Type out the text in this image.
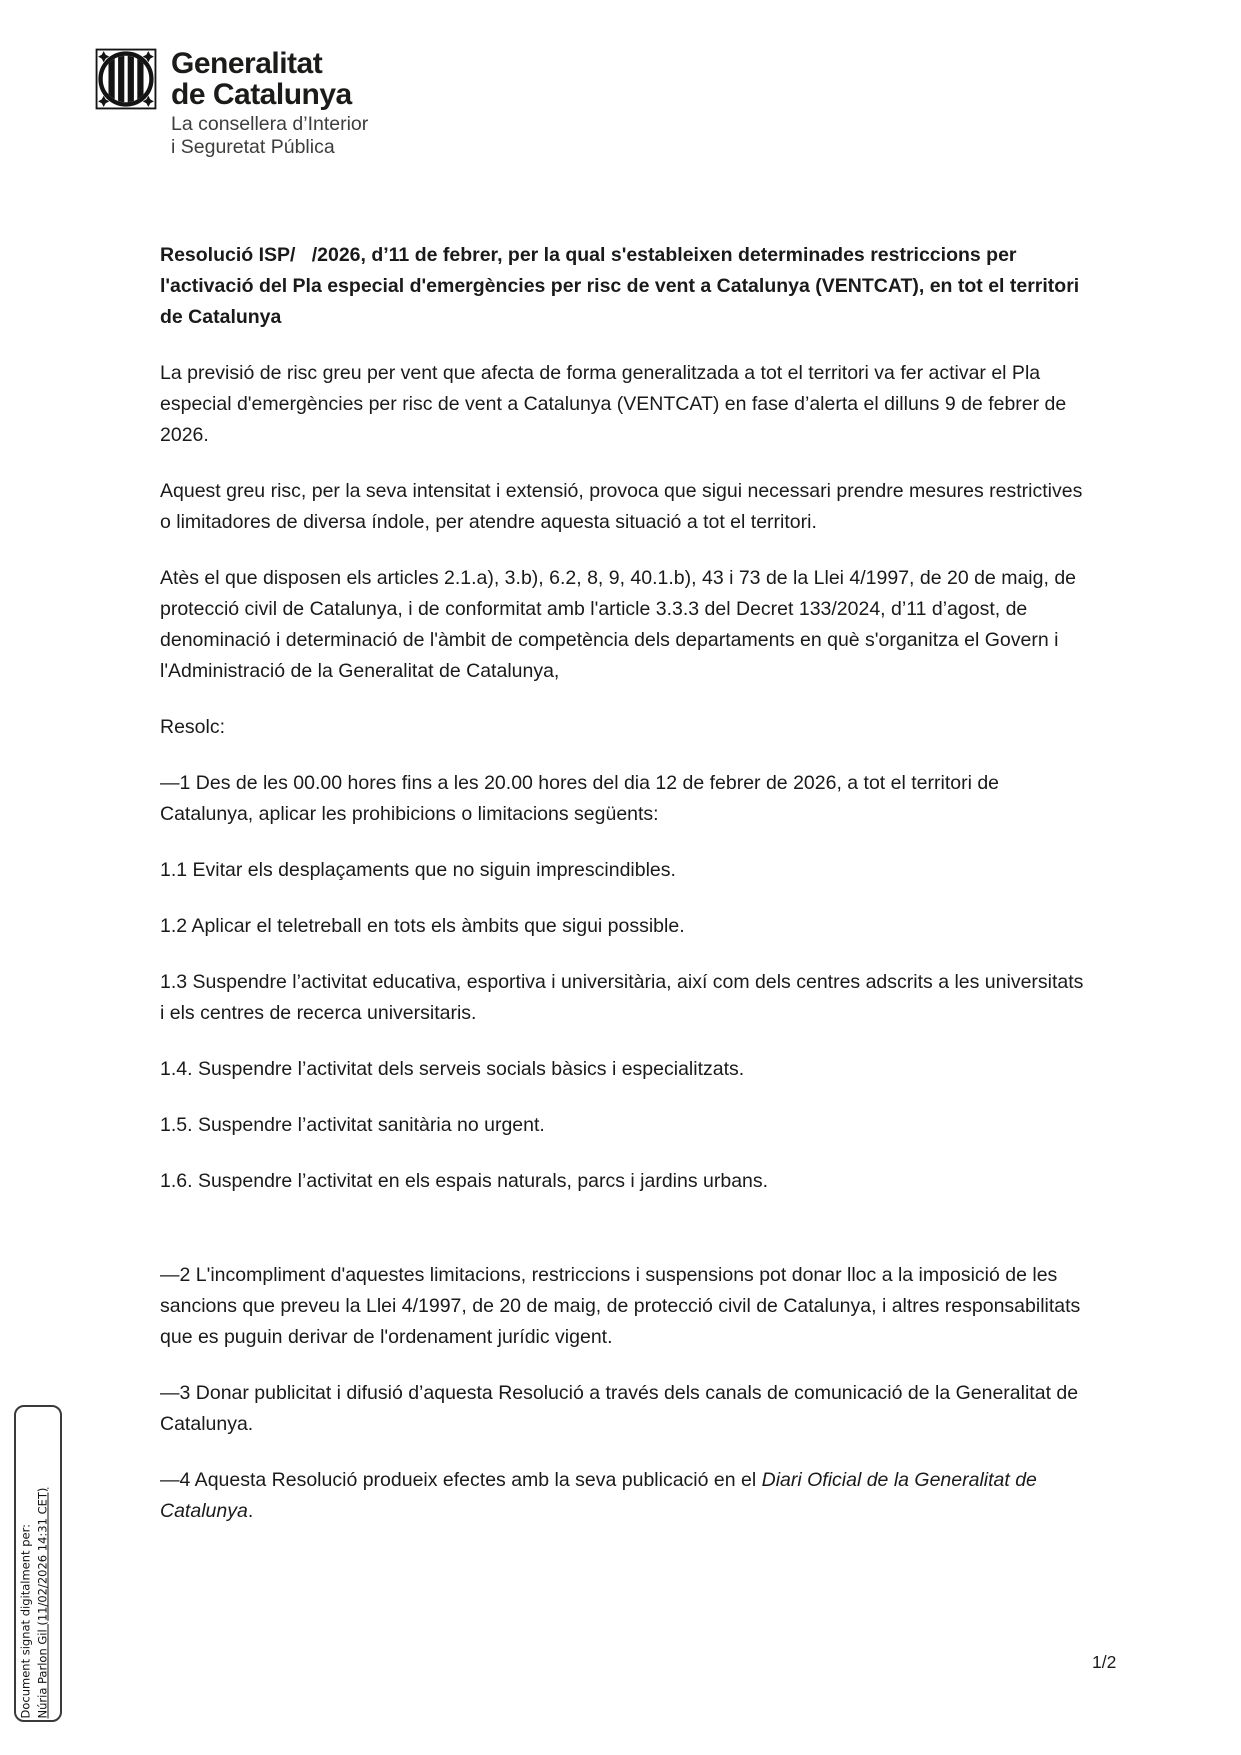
Generalitat
de Catalunya
La consellera d’Interior
i Seguretat Pública
Resolució ISP/   /2026, d’11 de febrer, per la qual s'estableixen determinades restriccions per l'activació del Pla especial d'emergències per risc de vent a Catalunya (VENTCAT), en tot el territori de Catalunya

La previsió de risc greu per vent que afecta de forma generalitzada a tot el territori va fer activar el Pla especial d'emergències per risc de vent a Catalunya (VENTCAT) en fase d’alerta el dilluns 9 de febrer de 2026.

Aquest greu risc, per la seva intensitat i extensió, provoca que sigui necessari prendre mesures restrictives o limitadores de diversa índole, per atendre aquesta situació a tot el territori.

Atès el que disposen els articles 2.1.a), 3.b), 6.2, 8, 9, 40.1.b), 43 i 73 de la Llei 4/1997, de 20 de maig, de protecció civil de Catalunya, i de conformitat amb l'article 3.3.3 del Decret 133/2024, d’11 d’agost, de denominació i determinació de l'àmbit de competència dels departaments en què s'organitza el Govern i l'Administració de la Generalitat de Catalunya,

Resolc:

—1 Des de les 00.00 hores fins a les 20.00 hores del dia 12 de febrer de 2026, a tot el territori de Catalunya, aplicar les prohibicions o limitacions següents:

1.1 Evitar els desplaçaments que no siguin imprescindibles.

1.2 Aplicar el teletreball en tots els àmbits que sigui possible.

1.3 Suspendre l’activitat educativa, esportiva i universitària, així com dels centres adscrits a les universitats i els centres de recerca universitaris.

1.4. Suspendre l’activitat dels serveis socials bàsics i especialitzats.

1.5. Suspendre l’activitat sanitària no urgent.

1.6. Suspendre l’activitat en els espais naturals, parcs i jardins urbans.

—2 L'incompliment d'aquestes limitacions, restriccions i suspensions pot donar lloc a la imposició de les sancions que preveu la Llei 4/1997, de 20 de maig, de protecció civil de Catalunya, i altres responsabilitats que es puguin derivar de l'ordenament jurídic vigent.

—3 Donar publicitat i difusió d’aquesta Resolució a través dels canals de comunicació de la Generalitat de Catalunya.

—4 Aquesta Resolució produeix efectes amb la seva publicació en el Diari Oficial de la Generalitat de Catalunya.

Document signat digitalment per: Núria Parlon Gil (11/02/2026 14:31 CET)	1/2
